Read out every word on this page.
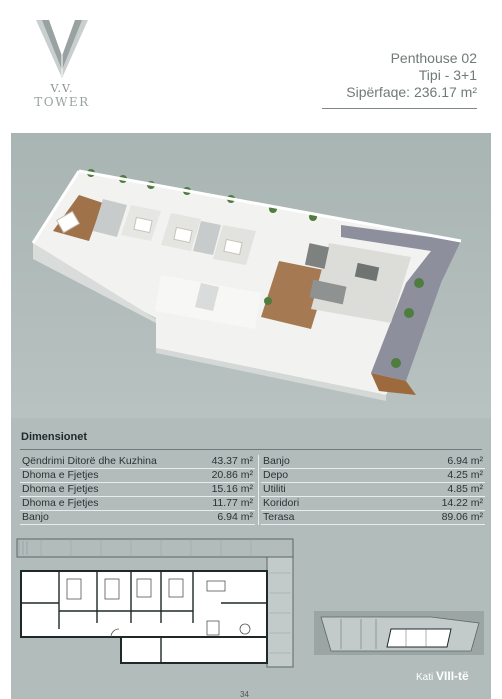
V.V.
TOWER
Penthouse 02
Tipi - 3+1
Sipërfaqe: 236.17 m²
Dimensionet
Qëndrimi Ditorë dhe Kuzhina	43.37 m²
Dhoma e Fjetjes	20.86 m²
Dhoma e Fjetjes	15.16 m²
Dhoma e Fjetjes	11.77 m²
Banjo	6.94 m²
Banjo	6.94 m²
Depo	4.25 m²
Utiliti	4.85 m²
Koridori	14.22 m²
Terasa	89.06 m²
Kati VIII-të
34
